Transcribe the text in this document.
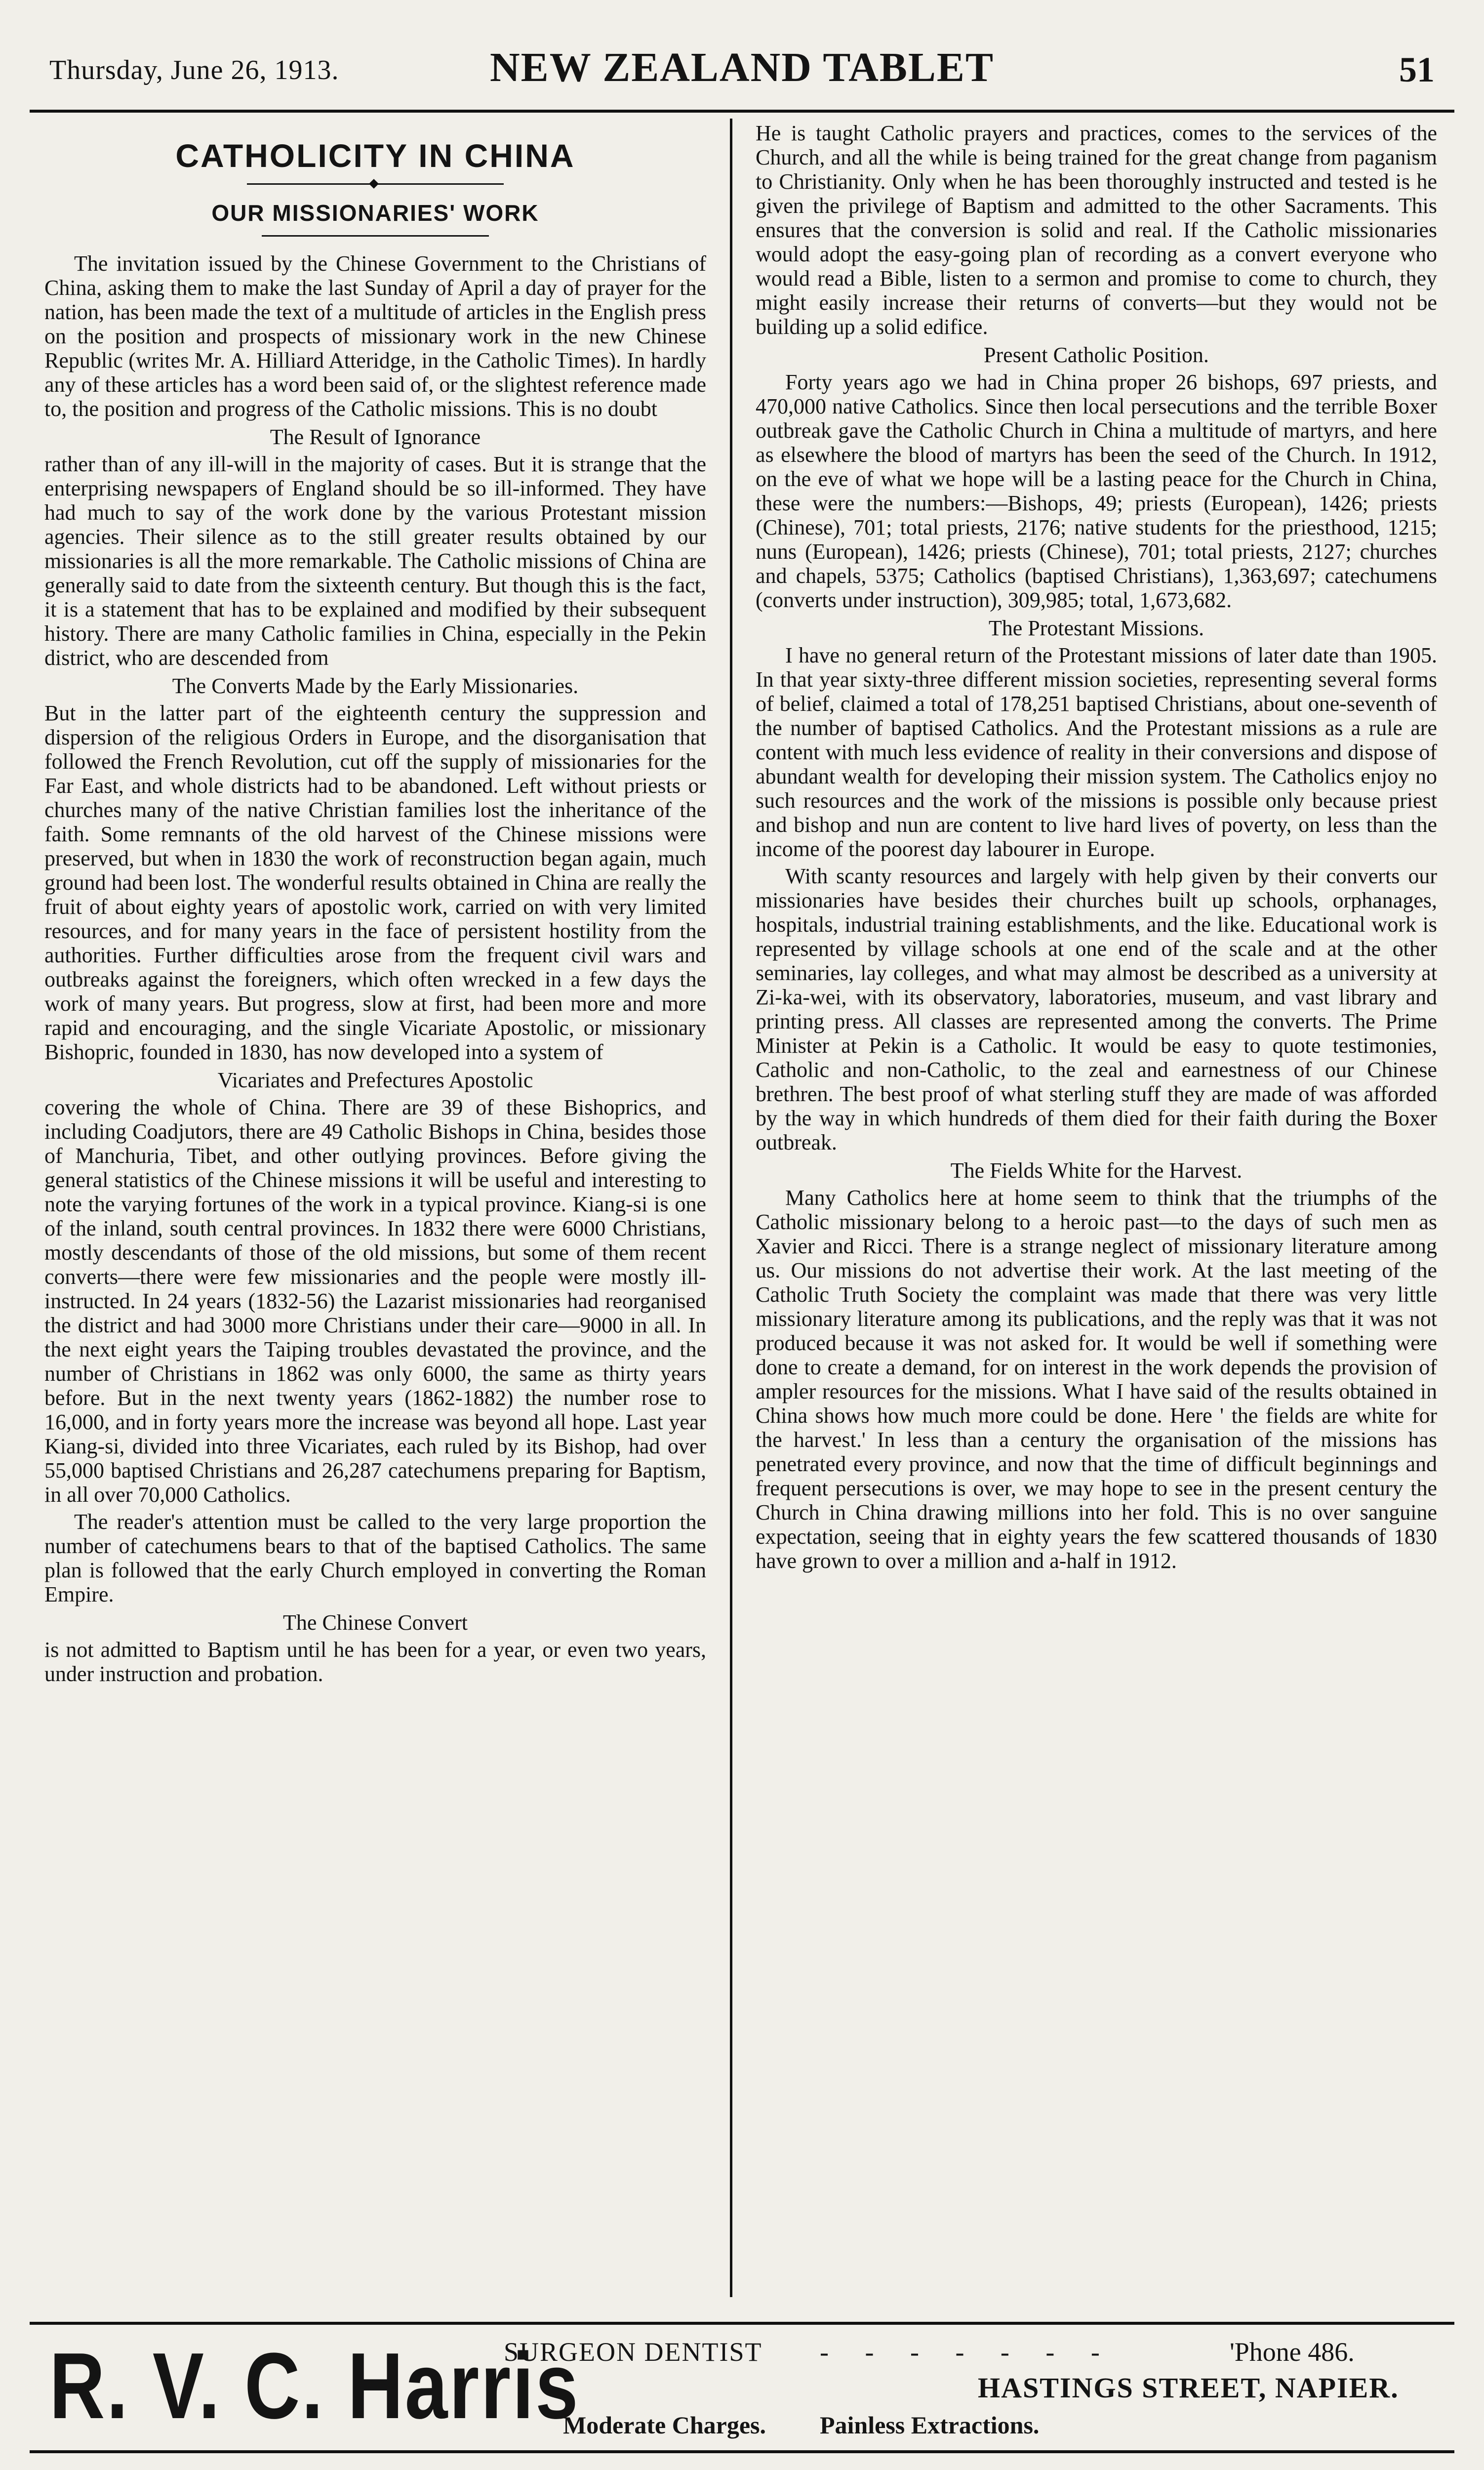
Thursday, June 26, 1913.	NEW ZEALAND TABLET	51
CATHOLICITY IN CHINA
OUR MISSIONARIES' WORK

The invitation issued by the Chinese Government to the Christians of China, asking them to make the last Sunday of April a day of prayer for the nation, has been made the text of a multitude of articles in the English press on the position and prospects of missionary work in the new Chinese Republic (writes Mr. A. Hilliard Atteridge, in the Catholic Times). In hardly any of these articles has a word been said of, or the slightest reference made to, the position and progress of the Catholic missions. This is no doubt

The Result of Ignorance

rather than of any ill-will in the majority of cases. But it is strange that the enterprising newspapers of England should be so ill-informed. They have had much to say of the work done by the various Protestant mission agencies. Their silence as to the still greater results obtained by our missionaries is all the more remarkable. The Catholic missions of China are generally said to date from the sixteenth century. But though this is the fact, it is a statement that has to be explained and modified by their subsequent history. There are many Catholic families in China, especially in the Pekin district, who are descended from

The Converts Made by the Early Missionaries.

But in the latter part of the eighteenth century the suppression and dispersion of the religious Orders in Europe, and the disorganisation that followed the French Revolution, cut off the supply of missionaries for the Far East, and whole districts had to be abandoned. Left without priests or churches many of the native Christian families lost the inheritance of the faith. Some remnants of the old harvest of the Chinese missions were preserved, but when in 1830 the work of reconstruction began again, much ground had been lost. The wonderful results obtained in China are really the fruit of about eighty years of apostolic work, carried on with very limited resources, and for many years in the face of persistent hostility from the authorities. Further difficulties arose from the frequent civil wars and outbreaks against the foreigners, which often wrecked in a few days the work of many years. But progress, slow at first, had been more and more rapid and encouraging, and the single Vicariate Apostolic, or missionary Bishopric, founded in 1830, has now developed into a system of

Vicariates and Prefectures Apostolic

covering the whole of China. There are 39 of these Bishoprics, and including Coadjutors, there are 49 Catholic Bishops in China, besides those of Manchuria, Tibet, and other outlying provinces. Before giving the general statistics of the Chinese missions it will be useful and interesting to note the varying fortunes of the work in a typical province. Kiang-si is one of the inland, south central provinces. In 1832 there were 6000 Christians, mostly descendants of those of the old missions, but some of them recent converts—there were few missionaries and the people were mostly ill-instructed. In 24 years (1832-56) the Lazarist missionaries had reorganised the district and had 3000 more Christians under their care—9000 in all. In the next eight years the Taiping troubles devastated the province, and the number of Christians in 1862 was only 6000, the same as thirty years before. But in the next twenty years (1862-1882) the number rose to 16,000, and in forty years more the increase was beyond all hope. Last year Kiang-si, divided into three Vicariates, each ruled by its Bishop, had over 55,000 baptised Christians and 26,287 catechumens preparing for Baptism, in all over 70,000 Catholics.

The reader's attention must be called to the very large proportion the number of catechumens bears to that of the baptised Catholics. The same plan is followed that the early Church employed in converting the Roman Empire.

The Chinese Convert

is not admitted to Baptism until he has been for a year, or even two years, under instruction and probation.

He is taught Catholic prayers and practices, comes to the services of the Church, and all the while is being trained for the great change from paganism to Christianity. Only when he has been thoroughly instructed and tested is he given the privilege of Baptism and admitted to the other Sacraments. This ensures that the conversion is solid and real. If the Catholic missionaries would adopt the easy-going plan of recording as a convert everyone who would read a Bible, listen to a sermon and promise to come to church, they might easily increase their returns of converts—but they would not be building up a solid edifice.

Present Catholic Position.

Forty years ago we had in China proper 26 bishops, 697 priests, and 470,000 native Catholics. Since then local persecutions and the terrible Boxer outbreak gave the Catholic Church in China a multitude of martyrs, and here as elsewhere the blood of martyrs has been the seed of the Church. In 1912, on the eve of what we hope will be a lasting peace for the Church in China, these were the numbers:—Bishops, 49; priests (European), 1426; priests (Chinese), 701; total priests, 2176; native students for the priesthood, 1215; nuns (European), 1426; priests (Chinese), 701; total priests, 2127; churches and chapels, 5375; Catholics (baptised Christians), 1,363,697; catechumens (converts under instruction), 309,985; total, 1,673,682.

The Protestant Missions.

I have no general return of the Protestant missions of later date than 1905. In that year sixty-three different mission societies, representing several forms of belief, claimed a total of 178,251 baptised Christians, about one-seventh of the number of baptised Catholics. And the Protestant missions as a rule are content with much less evidence of reality in their conversions and dispose of abundant wealth for developing their mission system. The Catholics enjoy no such resources and the work of the missions is possible only because priest and bishop and nun are content to live hard lives of poverty, on less than the income of the poorest day labourer in Europe.

With scanty resources and largely with help given by their converts our missionaries have besides their churches built up schools, orphanages, hospitals, industrial training establishments, and the like. Educational work is represented by village schools at one end of the scale and at the other seminaries, lay colleges, and what may almost be described as a university at Zi-ka-wei, with its observatory, laboratories, museum, and vast library and printing press. All classes are represented among the converts. The Prime Minister at Pekin is a Catholic. It would be easy to quote testimonies, Catholic and non-Catholic, to the zeal and earnestness of our Chinese brethren. The best proof of what sterling stuff they are made of was afforded by the way in which hundreds of them died for their faith during the Boxer outbreak.

The Fields White for the Harvest.

Many Catholics here at home seem to think that the triumphs of the Catholic missionary belong to a heroic past—to the days of such men as Xavier and Ricci. There is a strange neglect of missionary literature among us. Our missions do not advertise their work. At the last meeting of the Catholic Truth Society the complaint was made that there was very little missionary literature among its publications, and the reply was that it was not produced because it was not asked for. It would be well if something were done to create a demand, for on interest in the work depends the provision of ampler resources for the missions. What I have said of the results obtained in China shows how much more could be done. Here ' the fields are white for the harvest.' In less than a century the organisation of the missions has penetrated every province, and now that the time of difficult beginnings and frequent persecutions is over, we may hope to see in the present century the Church in China drawing millions into her fold. This is no over sanguine expectation, seeing that in eighty years the few scattered thousands of 1830 have grown to over a million and a-half in 1912.

R. V. C. Harris
SURGEON DENTIST - - - - - - -	'Phone 486.
HASTINGS STREET, NAPIER.
Moderate Charges. Painless Extractions.
